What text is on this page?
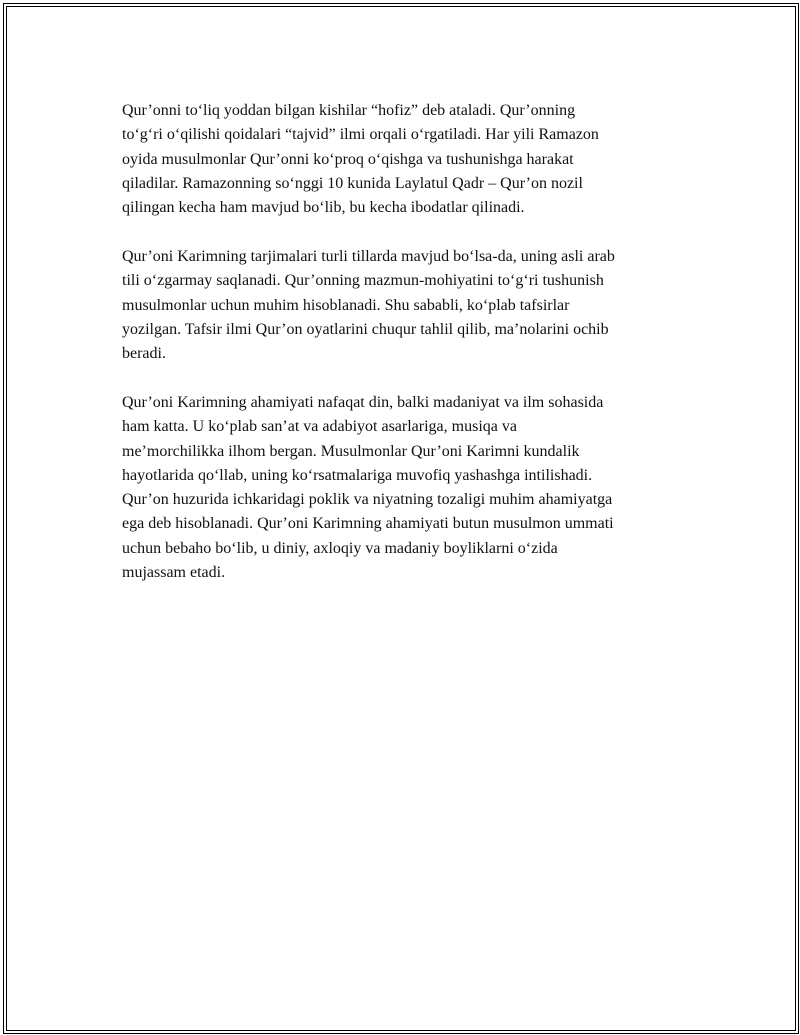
Qur’onni to‘liq yoddan bilgan kishilar “hofiz” deb ataladi. Qur’onning
to‘g‘ri o‘qilishi qoidalari “tajvid” ilmi orqali o‘rgatiladi. Har yili Ramazon
oyida musulmonlar Qur’onni ko‘proq o‘qishga va tushunishga harakat
qiladilar. Ramazonning so‘nggi 10 kunida Laylatul Qadr – Qur’on nozil
qilingan kecha ham mavjud bo‘lib, bu kecha ibodatlar qilinadi.

Qur’oni Karimning tarjimalari turli tillarda mavjud bo‘lsa-da, uning asli arab
tili o‘zgarmay saqlanadi. Qur’onning mazmun-mohiyatini to‘g‘ri tushunish
musulmonlar uchun muhim hisoblanadi. Shu sababli, ko‘plab tafsirlar
yozilgan. Tafsir ilmi Qur’on oyatlarini chuqur tahlil qilib, ma’nolarini ochib
beradi.

Qur’oni Karimning ahamiyati nafaqat din, balki madaniyat va ilm sohasida
ham katta. U ko‘plab san’at va adabiyot asarlariga, musiqa va
me’morchilikka ilhom bergan. Musulmonlar Qur’oni Karimni kundalik
hayotlarida qo‘llab, uning ko‘rsatmalariga muvofiq yashashga intilishadi.
Qur’on huzurida ichkaridagi poklik va niyatning tozaligi muhim ahamiyatga
ega deb hisoblanadi. Qur’oni Karimning ahamiyati butun musulmon ummati
uchun bebaho bo‘lib, u diniy, axloqiy va madaniy boyliklarni o‘zida
mujassam etadi.
